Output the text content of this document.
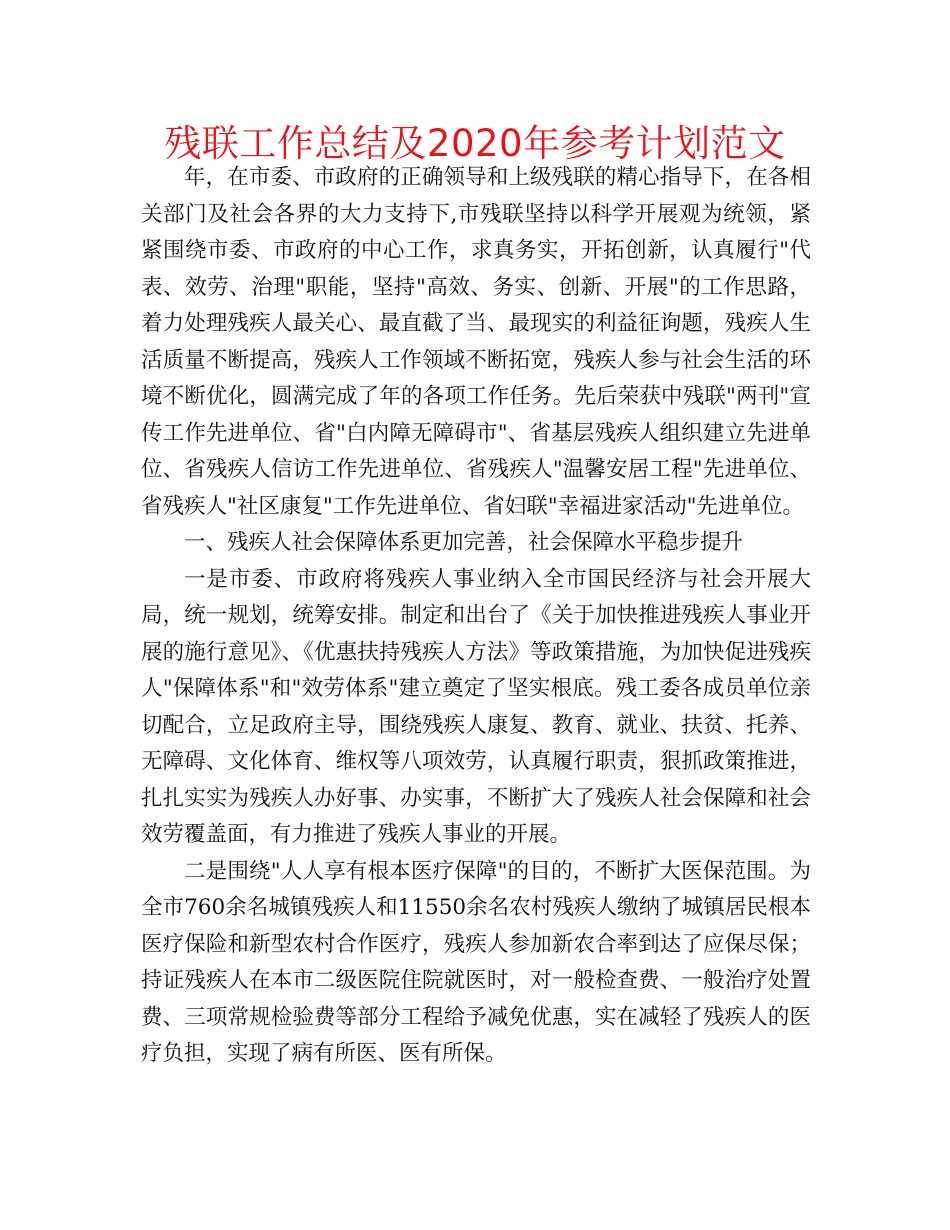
残联工作总结及2020年参考计划范文

年，在市委、市政府的正确领导和上级残联的精心指导下，在各相关部门及社会各界的大力支持下,市残联坚持以科学开展观为统领，紧紧围绕市委、市政府的中心工作，求真务实，开拓创新，认真履行"代表、效劳、治理"职能，坚持"高效、务实、创新、开展"的工作思路，着力处理残疾人最关心、最直截了当、最现实的利益征询题，残疾人生活质量不断提高，残疾人工作领域不断拓宽，残疾人参与社会生活的环境不断优化，圆满完成了年的各项工作任务。先后荣获中残联"两刊"宣传工作先进单位、省"白内障无障碍市"、省基层残疾人组织建立先进单位、省残疾人信访工作先进单位、省残疾人"温馨安居工程"先进单位、省残疾人"社区康复"工作先进单位、省妇联"幸福进家活动"先进单位。

一、残疾人社会保障体系更加完善，社会保障水平稳步提升

一是市委、市政府将残疾人事业纳入全市国民经济与社会开展大局，统一规划，统筹安排。制定和出台了《关于加快推进残疾人事业开展的施行意见》、《优惠扶持残疾人方法》等政策措施，为加快促进残疾人"保障体系"和"效劳体系"建立奠定了坚实根底。残工委各成员单位亲切配合，立足政府主导，围绕残疾人康复、教育、就业、扶贫、托养、无障碍、文化体育、维权等八项效劳，认真履行职责，狠抓政策推进，扎扎实实为残疾人办好事、办实事，不断扩大了残疾人社会保障和社会效劳覆盖面，有力推进了残疾人事业的开展。

二是围绕"人人享有根本医疗保障"的目的，不断扩大医保范围。为全市760余名城镇残疾人和11550余名农村残疾人缴纳了城镇居民根本医疗保险和新型农村合作医疗，残疾人参加新农合率到达了应保尽保；持证残疾人在本市二级医院住院就医时，对一般检查费、一般治疗处置费、三项常规检验费等部分工程给予减免优惠，实在减轻了残疾人的医疗负担，实现了病有所医、医有所保。
